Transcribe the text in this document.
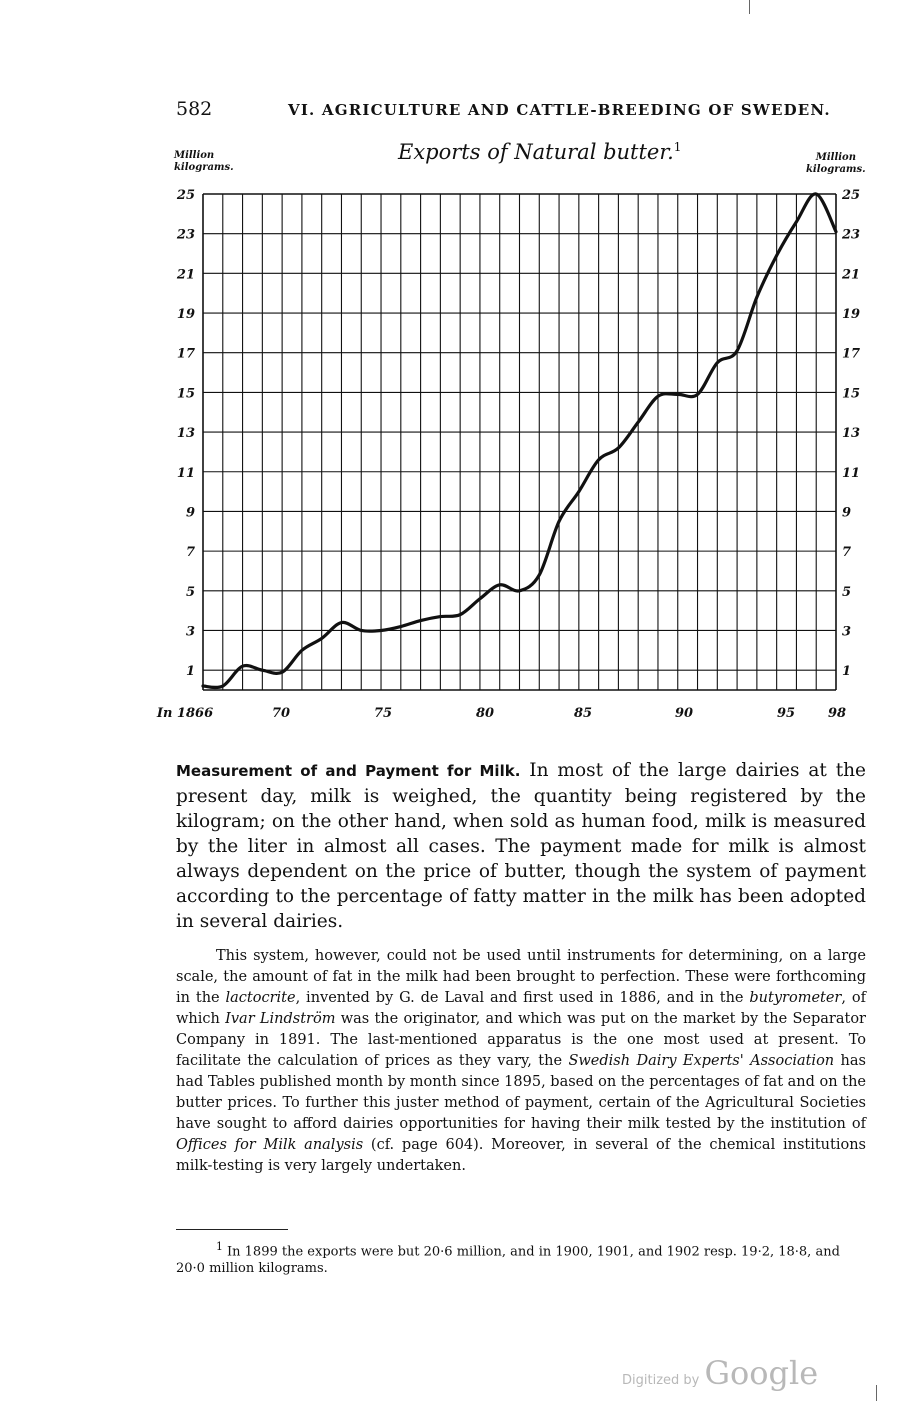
582	VI. AGRICULTURE AND CATTLE-BREEDING OF SWEDEN.
Exports of Natural butter.$^1$
Million kilograms.
Million kilograms.
25	25
23	23
21	21
19	19
17	17
15	15
13	13
11	11
9	9
7	7
5	5
3	3
1	1
In 1866	70	75	80	85	90	95	98
Measurement of and Payment for Milk. In most of the large dairies at the present day, milk is weighed, the quantity being registered by the kilogram; on the other hand, when sold as human food, milk is measured by the liter in almost all cases. The payment made for milk is almost always dependent on the price of butter, though the system of payment according to the percentage of fatty matter in the milk has been adopted in several dairies.
This system, however, could not be used until instruments for determining, on a large scale, the amount of fat in the milk had been brought to perfection. These were forthcoming in the lactocrite, invented by G. de Laval and first used in 1886, and in the butyrometer, of which Ivar Lindström was the originator, and which was put on the market by the Separator Company in 1891. The last-mentioned apparatus is the one most used at present. To facilitate the calculation of prices as they vary, the Swedish Dairy Experts' Association has had Tables published month by month since 1895, based on the percentages of fat and on the butter prices. To further this juster method of payment, certain of the Agricultural Societies have sought to afford dairies opportunities for having their milk tested by the institution of Offices for Milk analysis (cf. page 604). Moreover, in several of the chemical institutions milk-testing is very largely undertaken.
$^1$ In 1899 the exports were but 20·6 million, and in 1900, 1901, and 1902 resp. 19·2, 18·8, and 20·0 million kilograms.
Digitized by Google
